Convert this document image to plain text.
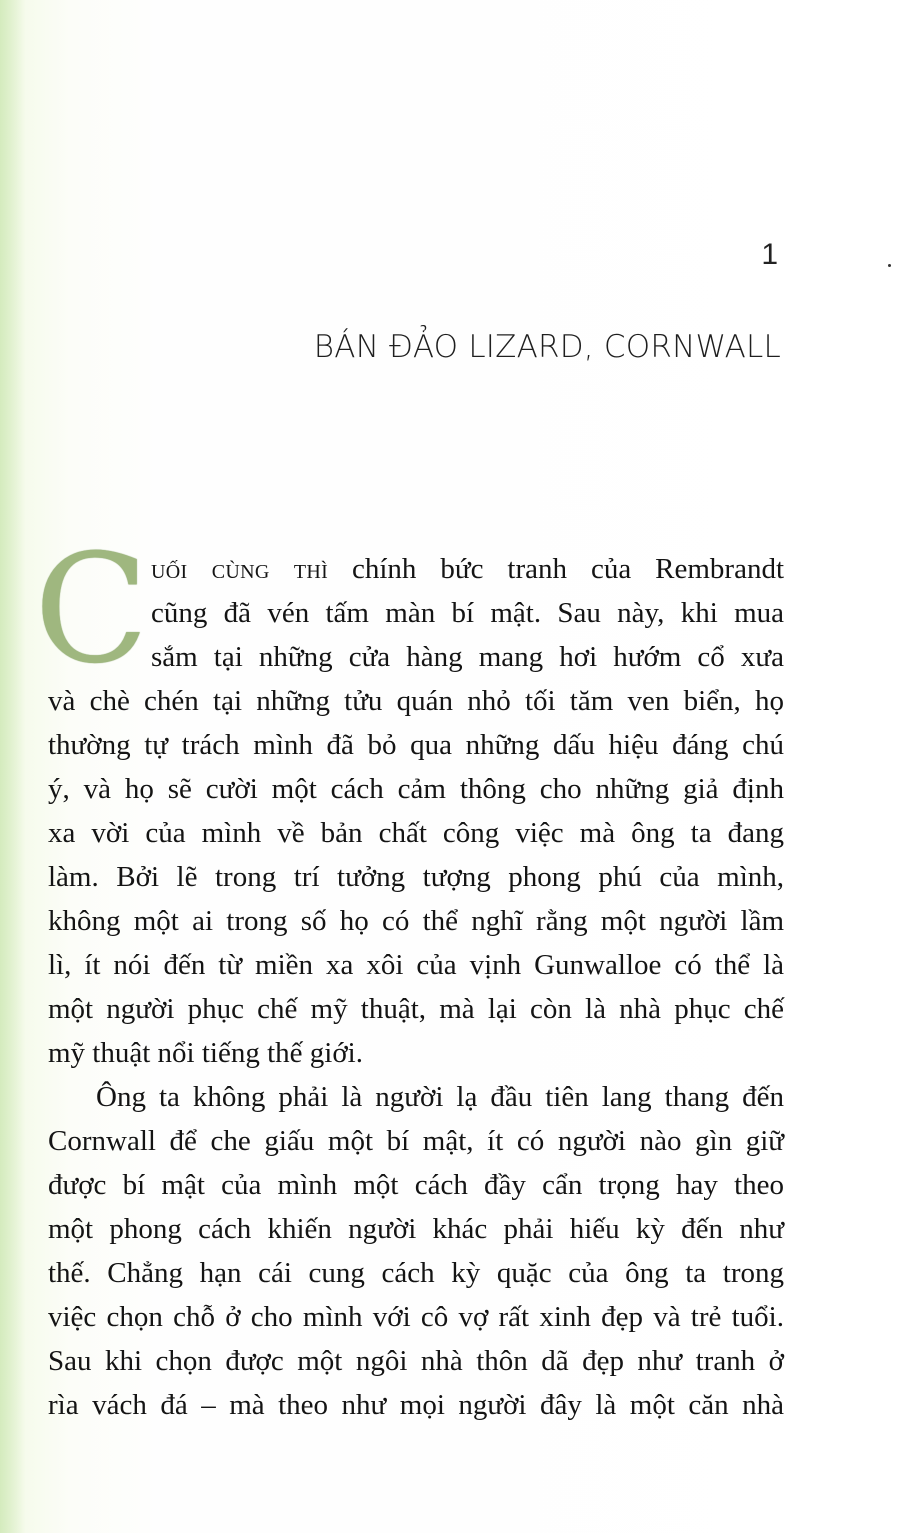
1
BÁN ĐẢO LIZARD, CORNWALL
C uối cùng thì chính bức tranh của Rembrandt
cũng đã vén tấm màn bí mật. Sau này, khi mua
sắm tại những cửa hàng mang hơi hướm cổ xưa
và chè chén tại những tửu quán nhỏ tối tăm ven biển, họ
thường tự trách mình đã bỏ qua những dấu hiệu đáng chú
ý, và họ sẽ cười một cách cảm thông cho những giả định
xa vời của mình về bản chất công việc mà ông ta đang
làm. Bởi lẽ trong trí tưởng tượng phong phú của mình,
không một ai trong số họ có thể nghĩ rằng một người lầm
lì, ít nói đến từ miền xa xôi của vịnh Gunwalloe có thể là
một người phục chế mỹ thuật, mà lại còn là nhà phục chế
mỹ thuật nổi tiếng thế giới.
Ông ta không phải là người lạ đầu tiên lang thang đến
Cornwall để che giấu một bí mật, ít có người nào gìn giữ
được bí mật của mình một cách đầy cẩn trọng hay theo
một phong cách khiến người khác phải hiếu kỳ đến như
thế. Chẳng hạn cái cung cách kỳ quặc của ông ta trong
việc chọn chỗ ở cho mình với cô vợ rất xinh đẹp và trẻ tuổi.
Sau khi chọn được một ngôi nhà thôn dã đẹp như tranh ở
rìa vách đá – mà theo như mọi người đây là một căn nhà
